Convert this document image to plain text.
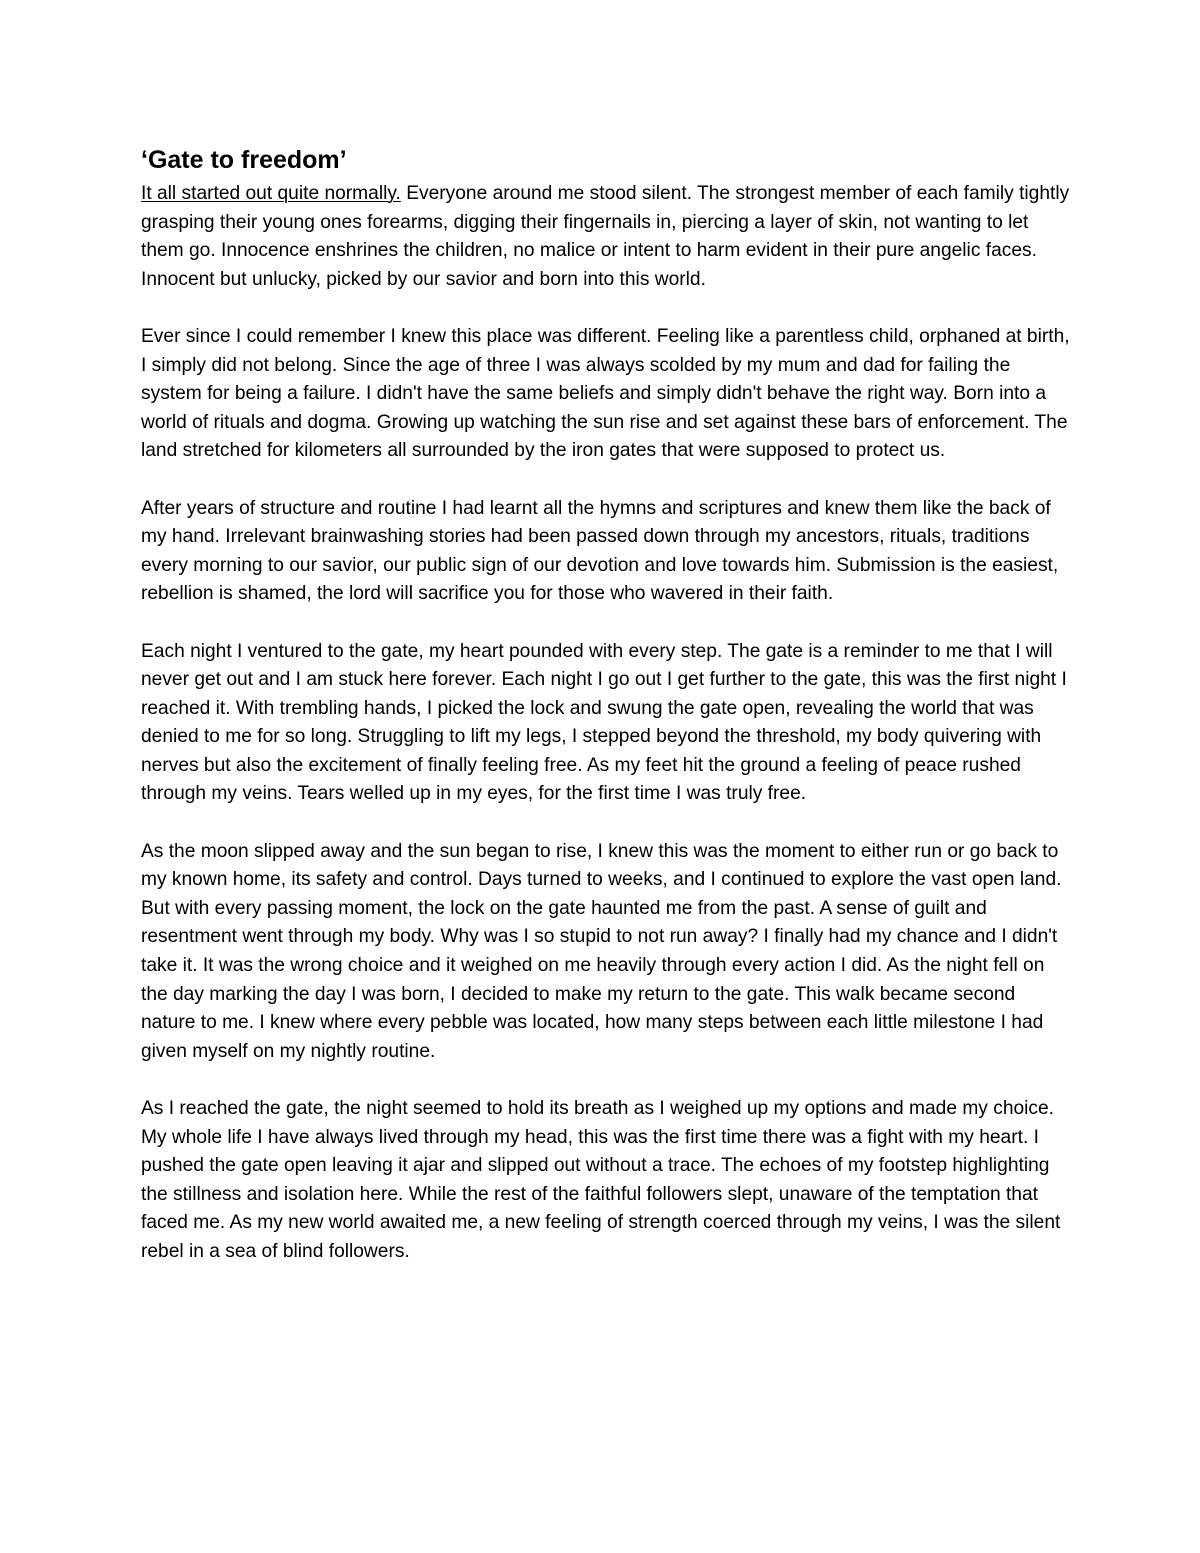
‘Gate to freedom’

It all started out quite normally. Everyone around me stood silent. The strongest member of each family tightly grasping their young ones forearms, digging their fingernails in, piercing a layer of skin, not wanting to let them go. Innocence enshrines the children, no malice or intent to harm evident in their pure angelic faces. Innocent but unlucky, picked by our savior and born into this world.

Ever since I could remember I knew this place was different. Feeling like a parentless child, orphaned at birth, I simply did not belong. Since the age of three I was always scolded by my mum and dad for failing the system for being a failure. I didn't have the same beliefs and simply didn't behave the right way. Born into a world of rituals and dogma. Growing up watching the sun rise and set against these bars of enforcement. The land stretched for kilometers all surrounded by the iron gates that were supposed to protect us.

After years of structure and routine I had learnt all the hymns and scriptures and knew them like the back of my hand. Irrelevant brainwashing stories had been passed down through my ancestors, rituals, traditions every morning to our savior, our public sign of our devotion and love towards him. Submission is the easiest, rebellion is shamed, the lord will sacrifice you for those who wavered in their faith.

Each night I ventured to the gate, my heart pounded with every step. The gate is a reminder to me that I will never get out and I am stuck here forever. Each night I go out I get further to the gate, this was the first night I reached it. With trembling hands, I picked the lock and swung the gate open, revealing the world that was denied to me for so long. Struggling to lift my legs, I stepped beyond the threshold, my body quivering with nerves but also the excitement of finally feeling free. As my feet hit the ground a feeling of peace rushed through my veins. Tears welled up in my eyes, for the first time I was truly free.

As the moon slipped away and the sun began to rise, I knew this was the moment to either run or go back to my known home, its safety and control. Days turned to weeks, and I continued to explore the vast open land. But with every passing moment, the lock on the gate haunted me from the past. A sense of guilt and resentment went through my body. Why was I so stupid to not run away? I finally had my chance and I didn't take it. It was the wrong choice and it weighed on me heavily through every action I did. As the night fell on the day marking the day I was born, I decided to make my return to the gate. This walk became second nature to me. I knew where every pebble was located, how many steps between each little milestone I had given myself on my nightly routine.

As I reached the gate, the night seemed to hold its breath as I weighed up my options and made my choice. My whole life I have always lived through my head, this was the first time there was a fight with my heart. I pushed the gate open leaving it ajar and slipped out without a trace. The echoes of my footstep highlighting the stillness and isolation here. While the rest of the faithful followers slept, unaware of the temptation that faced me. As my new world awaited me, a new feeling of strength coerced through my veins, I was the silent rebel in a sea of blind followers.
